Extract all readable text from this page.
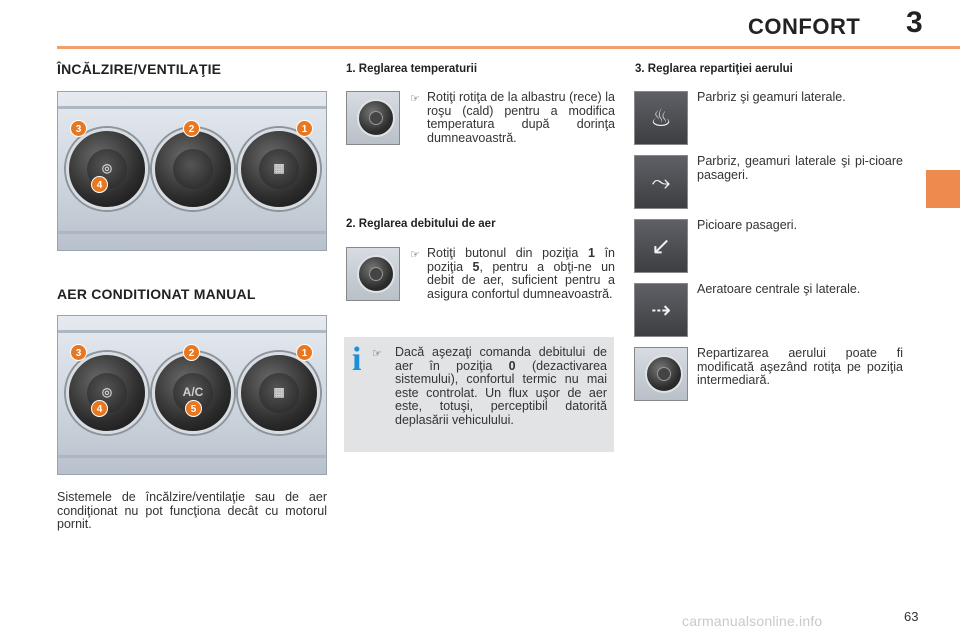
CONFORT 3
ÎNCĂLZIRE/VENTILAŢIE
◎	▦
3	2	1
4
AER CONDITIONAT MANUAL
◎	A/C	▦
3	2	1
4	5
Sistemele de încălzire/ventilaţie sau de aer condiţionat nu pot funcţiona decât cu motorul pornit.
1. Reglarea temperaturii
☞ Rotiţi rotiţa de la albastru (rece) la roşu (cald) pentru a modifica temperatura după dorinţa dumneavoastră.
2. Reglarea debitului de aer
☞ Rotiţi butonul din poziţia 1 în poziţia 5, pentru a obţi-ne un debit de aer, suficient pentru a asigura confortul dumneavoastră.
i ☞ Dacă aşezaţi comanda debitului de aer în poziţia 0 (dezactivarea sistemului), confortul termic nu mai este controlat. Un flux uşor de aer este, totuşi, perceptibil datorită deplasării vehiculului.
3. Reglarea repartiţiei aerului
♨
Parbriz şi geamuri laterale.
⤳
Parbriz, geamuri laterale şi pi-cioare pasageri.
↙
Picioare pasageri.
⇢
Aeratoare centrale şi laterale.
Repartizarea aerului poate fi modificată aşezând rotiţa pe poziţia intermediară.
carmanualsonline.info	63
